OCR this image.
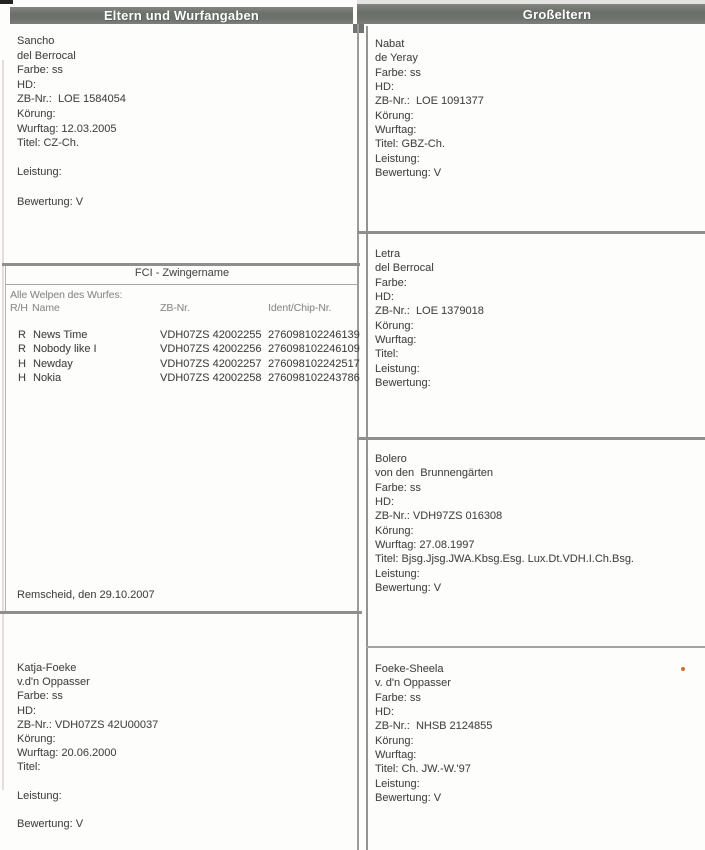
Eltern und Wurfangaben	Großeltern
Sancho
del Berrocal
Farbe: ss
HD:
ZB-Nr.:  LOE 1584054
Körung:
Wurftag: 12.03.2005
Titel: CZ-Ch.

Leistung:

Bewertung: V
Katja-Foeke
v.d'n Oppasser
Farbe: ss
HD:
ZB-Nr.: VDH07ZS 42U00037
Körung:
Wurftag: 20.06.2000
Titel:

Leistung:

Bewertung: V
Nabat
de Yeray
Farbe: ss
HD:
ZB-Nr.:  LOE 1091377
Körung:
Wurftag:
Titel: GBZ-Ch.
Leistung:
Bewertung: V
Letra
del Berrocal
Farbe:
HD:
ZB-Nr.:  LOE 1379018
Körung:
Wurftag:
Titel:
Leistung:
Bewertung:
Bolero
von den  Brunnengärten
Farbe: ss
HD:
ZB-Nr.: VDH97ZS 016308
Körung:
Wurftag: 27.08.1997
Titel: Bjsg.Jjsg.JWA.Kbsg.Esg. Lux.Dt.VDH.I.Ch.Bsg.
Leistung:
Bewertung: V
Foeke-Sheela
v. d'n Oppasser
Farbe: ss
HD:
ZB-Nr.:  NHSB 2124855
Körung:
Wurftag:
Titel: Ch. JW.-W.'97
Leistung:
Bewertung: V
FCI - Zwingername
Alle Welpen des Wurfes:
R/H Name	ZB-Nr.	Ident/Chip-Nr.
R News Time	VDH07ZS 42002255 276098102246139
R Nobody like I	VDH07ZS 42002256 276098102246109
H Newday	VDH07ZS 42002257 276098102242517
H Nokia	VDH07ZS 42002258 276098102243786
Remscheid, den 29.10.2007
